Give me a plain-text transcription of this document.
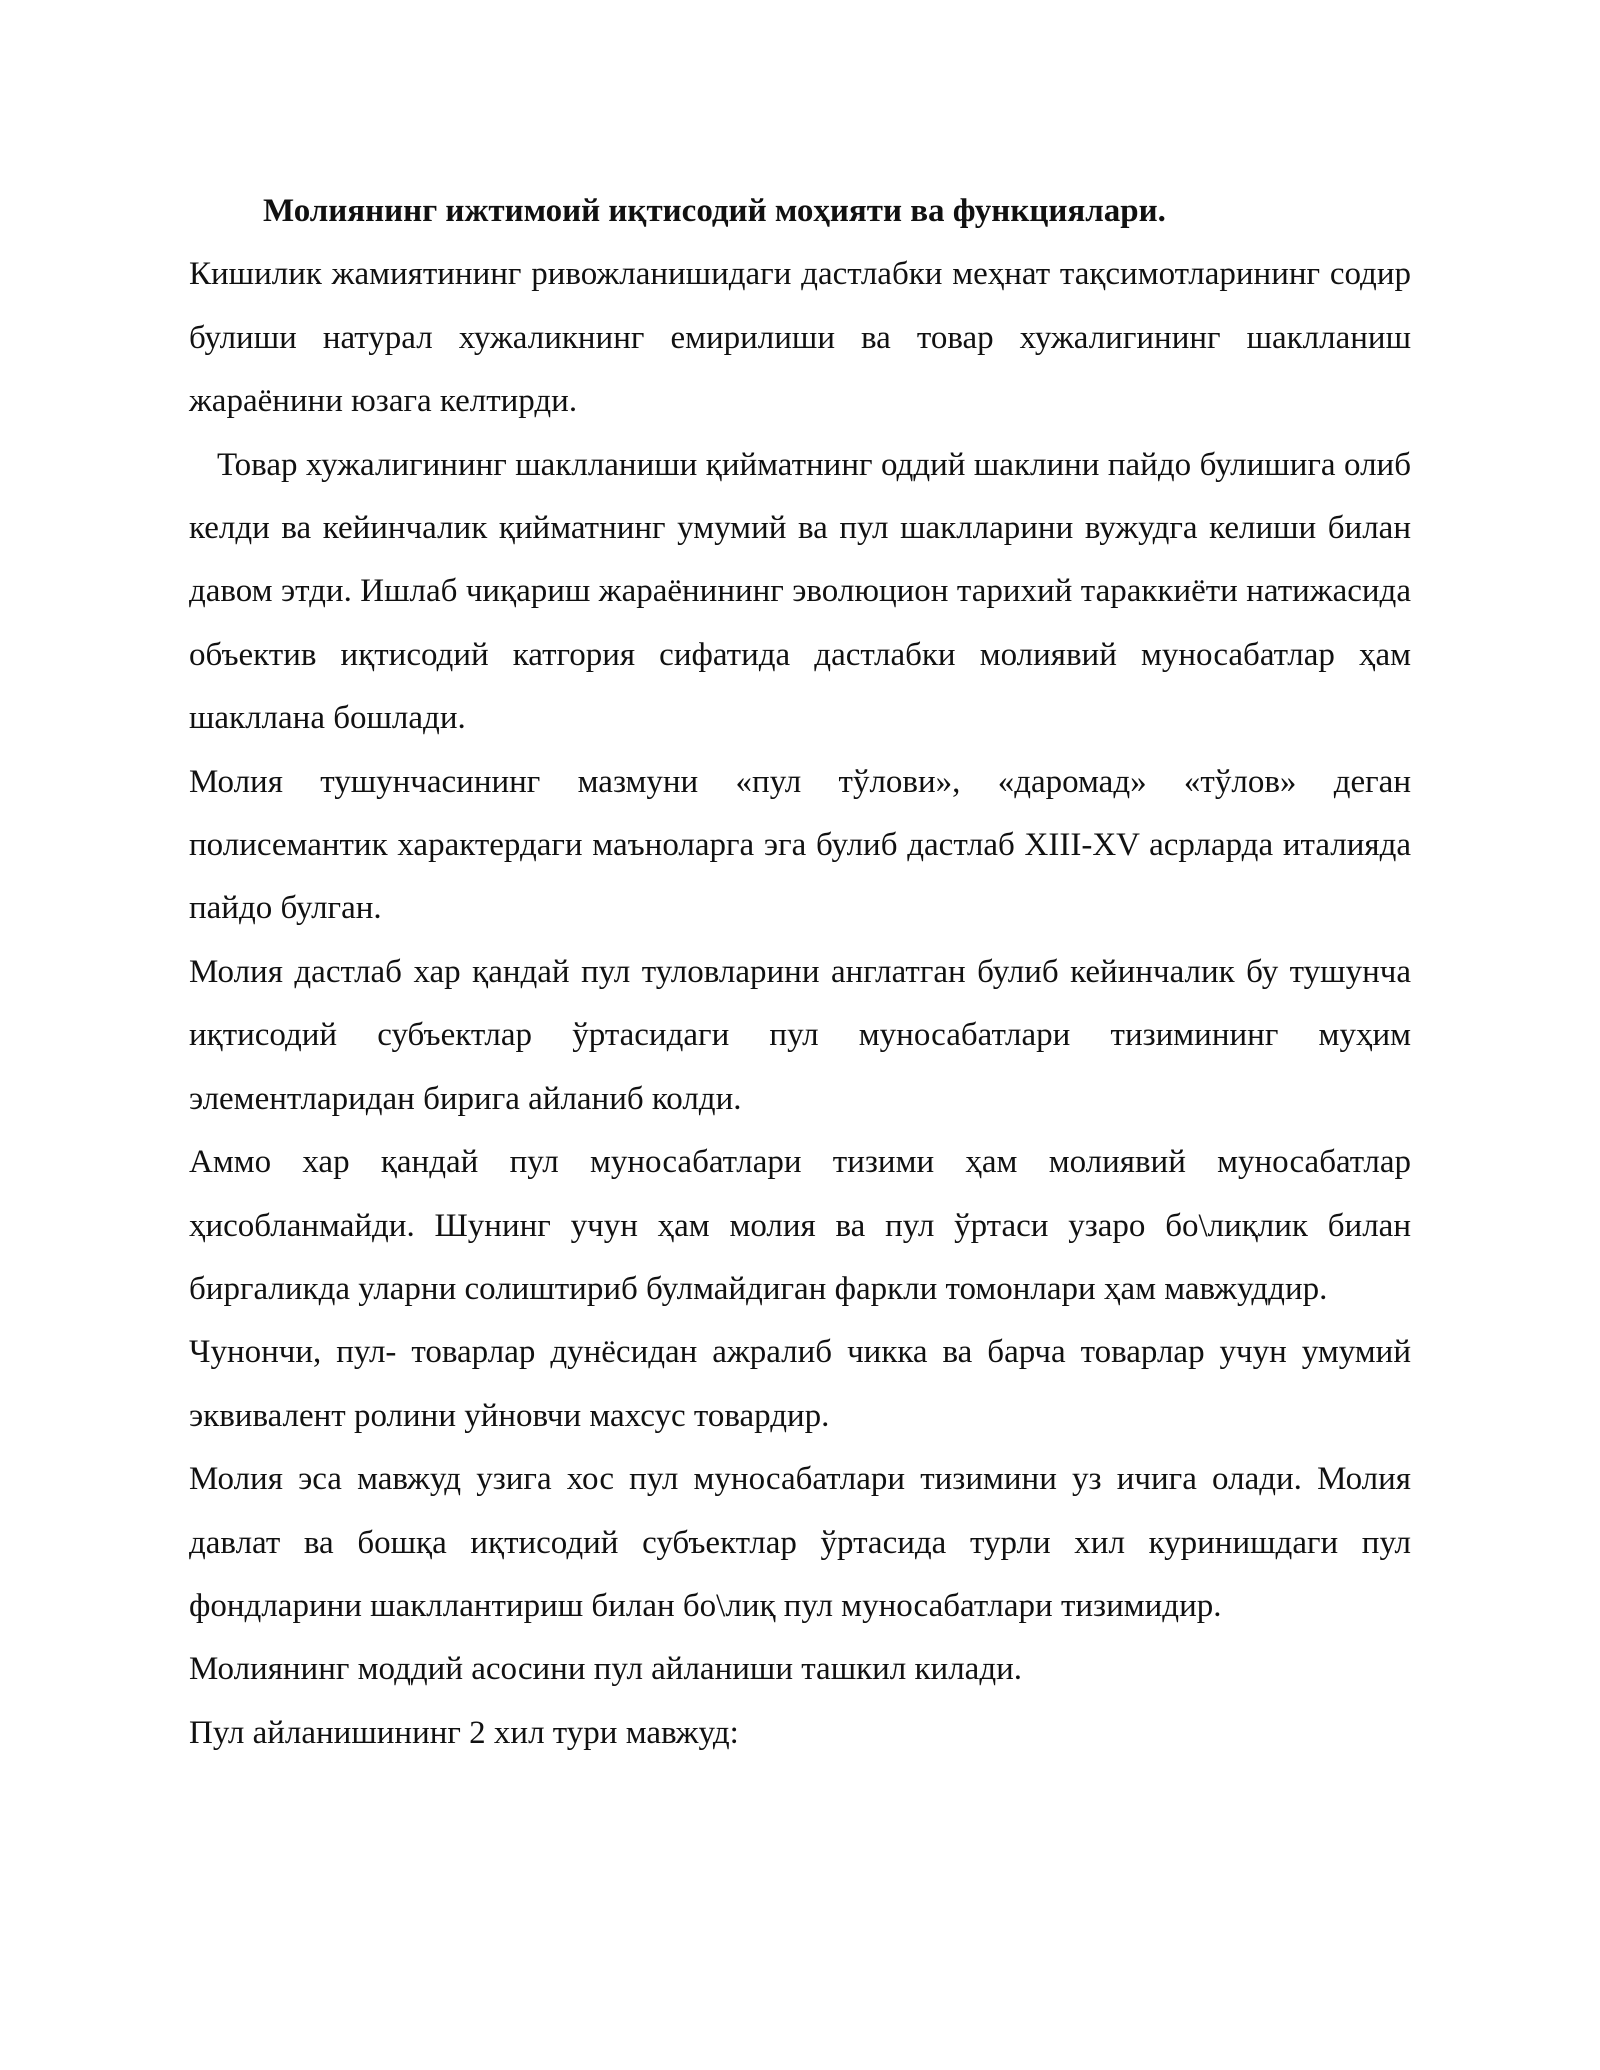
Молиянинг ижтимоий иқтисодий моҳияти ва функциялари.

Кишилик жамиятининг ривожланишидаги дастлабки меҳнат тақсимотларининг содир булиши натурал хужаликнинг емирилиши ва товар хужалигининг шаклланиш жараёнини юзага келтирди.

Товар хужалигининг шаклланиши қийматнинг оддий шаклини пайдо булишига олиб келди ва кейинчалик қийматнинг умумий ва пул шаклларини вужудга келиши билан давом этди. Ишлаб чиқариш жараёнининг эволюцион тарихий тараккиёти натижасида объектив иқтисодий катгория сифатида дастлабки молиявий муносабатлар ҳам шакллана бошлади.

Молия тушунчасининг мазмуни «пул тўлови», «даромад» «тўлов» деган полисемантик характердаги маъноларга эга булиб дастлаб XIII-XV асрларда италияда пайдо булган.

Молия дастлаб хар қандай пул туловларини англатган булиб кейинчалик бу тушунча иқтисодий субъектлар ўртасидаги пул муносабатлари тизимининг муҳим элементларидан бирига айланиб колди.

Аммо хар қандай пул муносабатлари тизими ҳам молиявий муносабатлар ҳисобланмайди. Шунинг учун ҳам молия ва пул ўртаси узаро бо\лиқлик билан биргаликда уларни солиштириб булмайдиган фаркли томонлари ҳам мавжуддир.

Чунончи, пул- товарлар дунёсидан ажралиб чикка ва барча товарлар учун умумий эквивалент ролини уйновчи махсус товардир.

Молия эса мавжуд узига хос пул муносабатлари тизимини уз ичига олади. Молия давлат ва бошқа иқтисодий субъектлар ўртасида турли хил куринишдаги пул фондларини шакллантириш билан бо\лиқ пул муносабатлари тизимидир.

Молиянинг моддий асосини пул айланиши ташкил килади.

Пул айланишининг 2 хил тури мавжуд:
